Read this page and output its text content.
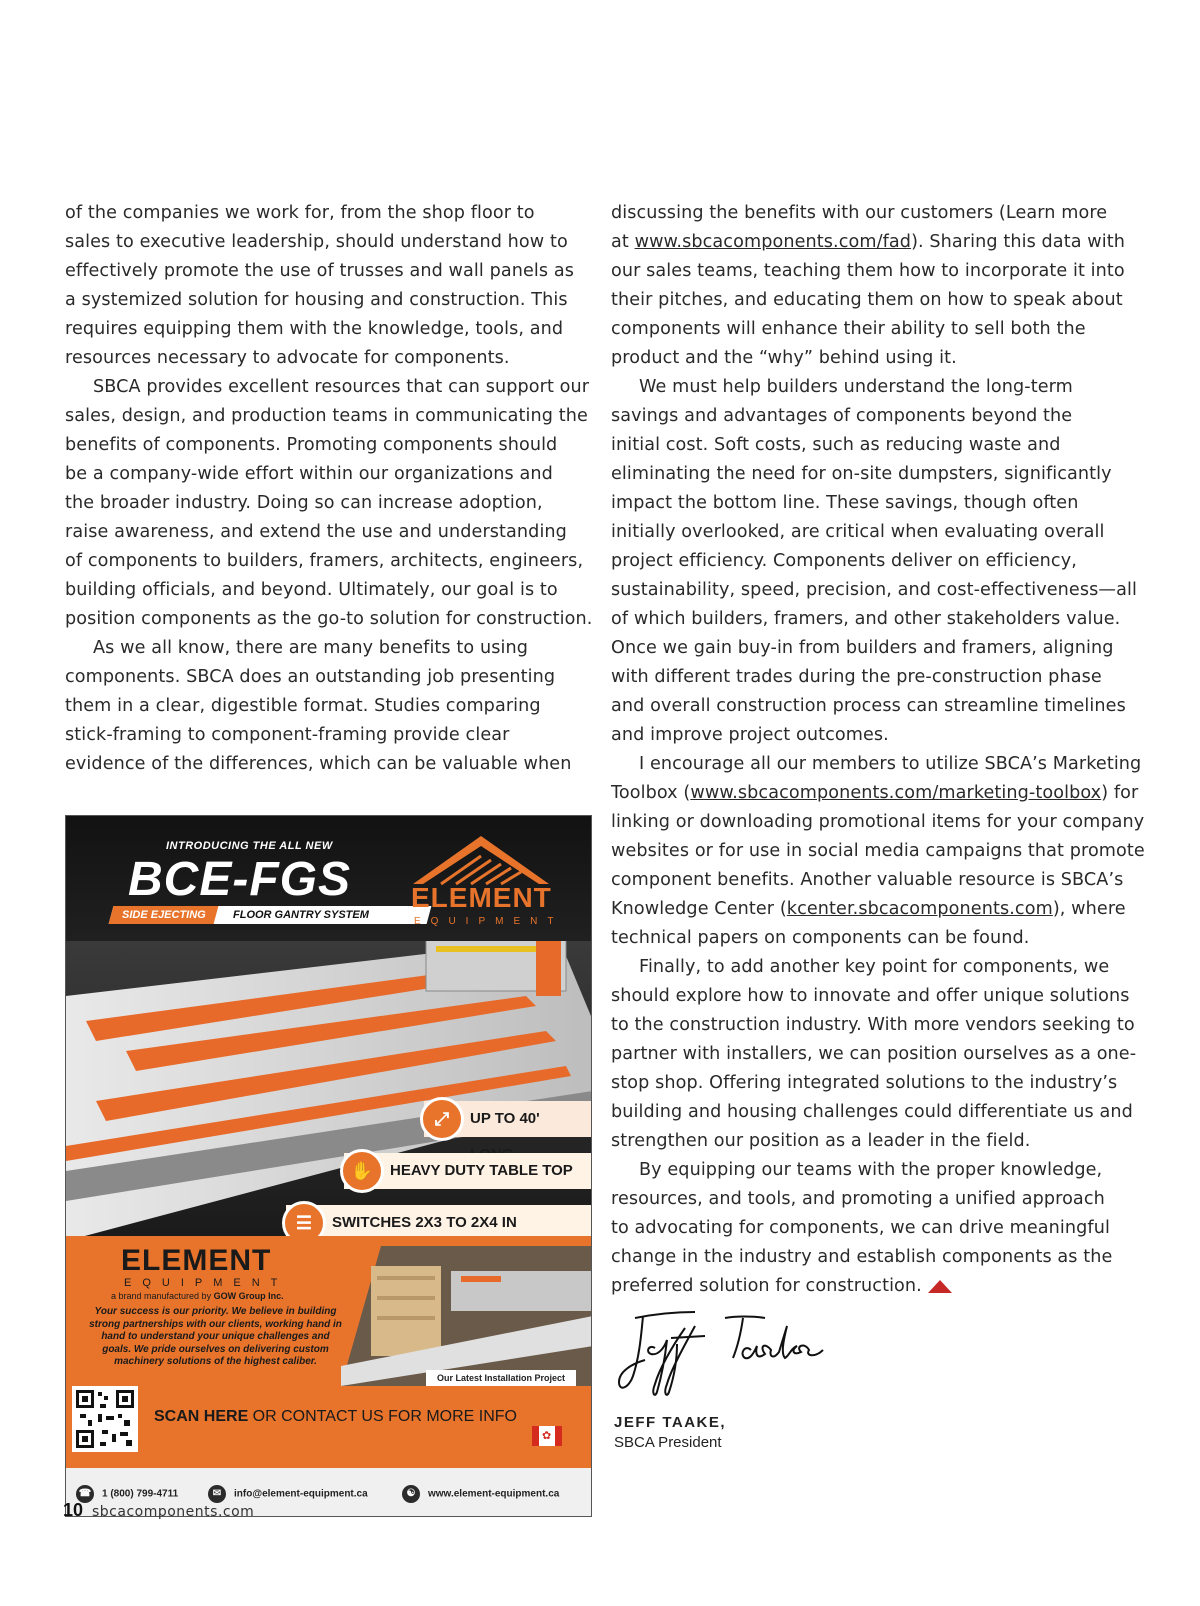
of the companies we work for, from the shop floor to
sales to executive leadership, should understand how to
effectively promote the use of trusses and wall panels as
a systemized solution for housing and construction. This
requires equipping them with the knowledge, tools, and
resources necessary to advocate for components.

SBCA provides excellent resources that can support our
sales, design, and production teams in communicating the
benefits of components. Promoting components should
be a company-wide effort within our organizations and
the broader industry. Doing so can increase adoption,
raise awareness, and extend the use and understanding
of components to builders, framers, architects, engineers,
building officials, and beyond. Ultimately, our goal is to
position components as the go-to solution for construction.

As we all know, there are many benefits to using
components. SBCA does an outstanding job presenting
them in a clear, digestible format. Studies comparing
stick-framing to component-framing provide clear
evidence of the differences, which can be valuable when

discussing the benefits with our customers (Learn more
at www.sbcacomponents.com/fad). Sharing this data with
our sales teams, teaching them how to incorporate it into
their pitches, and educating them on how to speak about
components will enhance their ability to sell both the
product and the “why” behind using it.

We must help builders understand the long-term
savings and advantages of components beyond the
initial cost. Soft costs, such as reducing waste and
eliminating the need for on-site dumpsters, significantly
impact the bottom line. These savings, though often
initially overlooked, are critical when evaluating overall
project efficiency. Components deliver on efficiency,
sustainability, speed, precision, and cost-effectiveness—all
of which builders, framers, and other stakeholders value.
Once we gain buy-in from builders and framers, aligning
with different trades during the pre-construction phase
and overall construction process can streamline timelines
and improve project outcomes.

I encourage all our members to utilize SBCA’s Marketing
Toolbox (www.sbcacomponents.com/marketing-toolbox) for
linking or downloading promotional items for your company
websites or for use in social media campaigns that promote
component benefits. Another valuable resource is SBCA’s
Knowledge Center (kcenter.sbcacomponents.com), where
technical papers on components can be found.

Finally, to add another key point for components, we
should explore how to innovate and offer unique solutions
to the construction industry. With more vendors seeking to
partner with installers, we can position ourselves as a one-
stop shop. Offering integrated solutions to the industry’s
building and housing challenges could differentiate us and
strengthen our position as a leader in the field.

By equipping our teams with the proper knowledge,
resources, and tools, and promoting a unified approach
to advocating for components, we can drive meaningful
change in the industry and establish components as the
preferred solution for construction.

INTRODUCING THE ALL NEW
BCE-FGS
SIDE EJECTING FLOOR GANTRY SYSTEM
ELEMENT
EQUIPMENT
⤢	UP TO 40'
✋	HEAVY DUTY TABLE TOP
☰	SWITCHES 2X3 TO 2X4 IN
ELEMENT
EQUIPMENT
a brand manufactured by GOW Group Inc.
Your success is our priority. We believe in building strong partnerships with our clients, working hand in hand to understand your unique challenges and goals. We pride ourselves on delivering custom machinery solutions of the highest caliber.
Our Latest Installation Project
SCAN HERE OR CONTACT US FOR MORE INFO
✿
☎ 1 (800) 799-4711	✉ info@element-equipment.ca	☯ www.element-equipment.ca
JEFF TAAKE,
SBCA President
10 sbcacomponents.com
